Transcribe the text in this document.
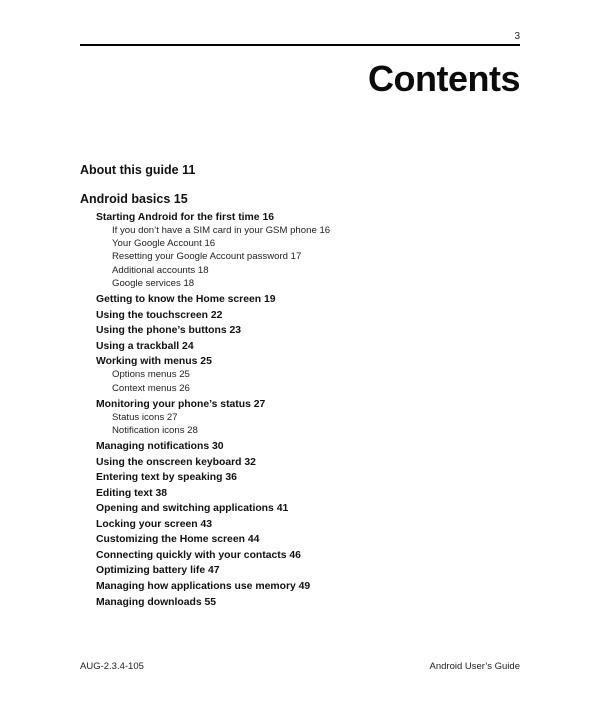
3
Contents
About this guide 11
Android basics 15
Starting Android for the first time 16
If you don’t have a SIM card in your GSM phone 16
Your Google Account 16
Resetting your Google Account password 17
Additional accounts 18
Google services 18
Getting to know the Home screen 19
Using the touchscreen 22
Using the phone’s buttons 23
Using a trackball 24
Working with menus 25
Options menus 25
Context menus 26
Monitoring your phone’s status 27
Status icons 27
Notification icons 28
Managing notifications 30
Using the onscreen keyboard 32
Entering text by speaking 36
Editing text 38
Opening and switching applications 41
Locking your screen 43
Customizing the Home screen 44
Connecting quickly with your contacts 46
Optimizing battery life 47
Managing how applications use memory 49
Managing downloads 55
AUG-2.3.4-105	Android User’s Guide
